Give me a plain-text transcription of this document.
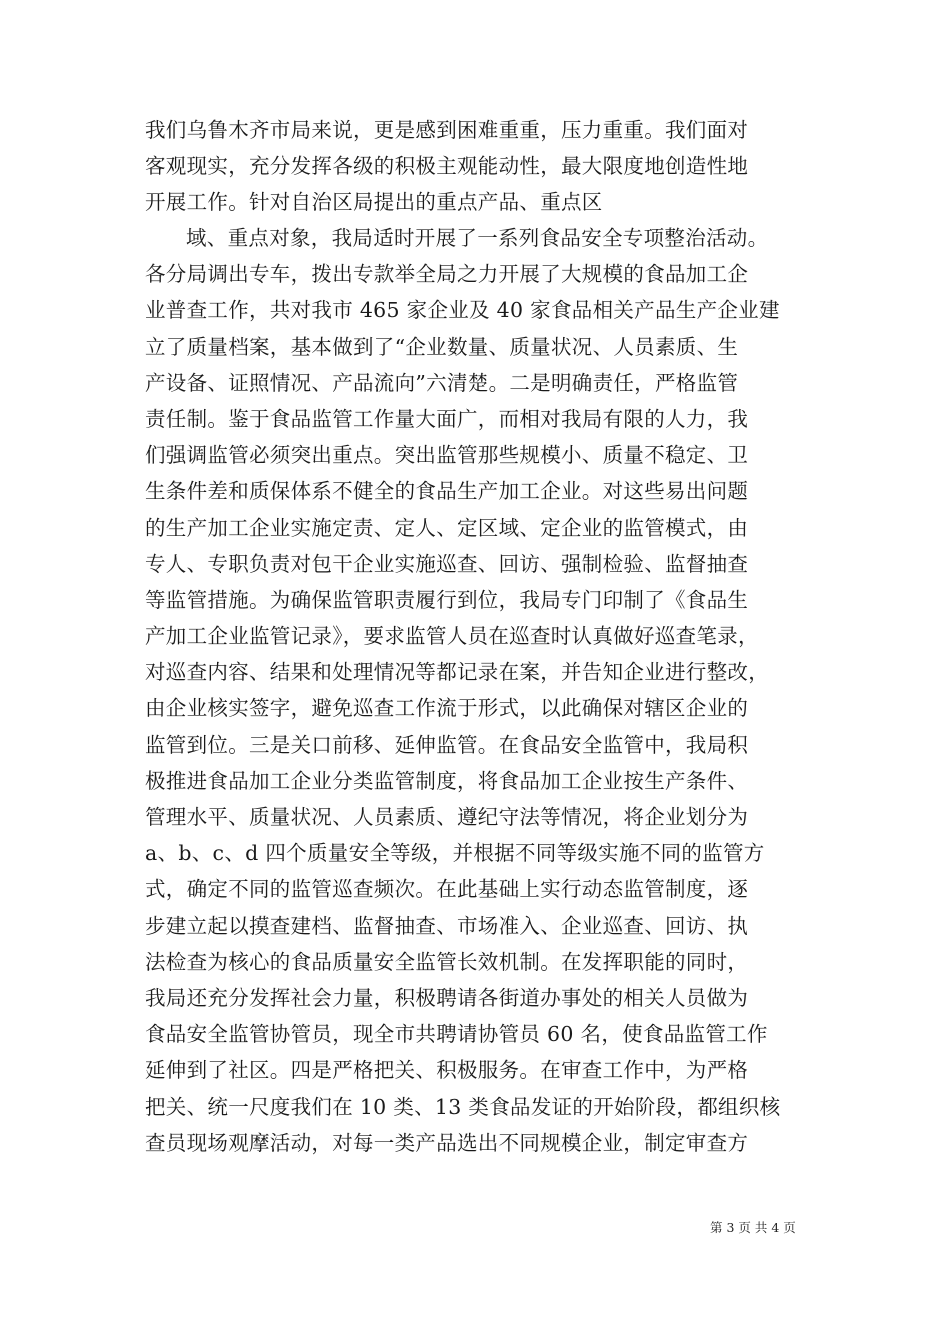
我们乌鲁木齐市局来说，更是感到困难重重，压力重重。我们面对
客观现实，充分发挥各级的积极主观能动性，最大限度地创造性地
开展工作。针对自治区局提出的重点产品、重点区
域、重点对象，我局适时开展了一系列食品安全专项整治活动。
各分局调出专车，拨出专款举全局之力开展了大规模的食品加工企
业普查工作，共对我市 465 家企业及 40 家食品相关产品生产企业建
立了质量档案，基本做到了“企业数量、质量状况、人员素质、生
产设备、证照情况、产品流向”六清楚。二是明确责任，严格监管
责任制。鉴于食品监管工作量大面广，而相对我局有限的人力，我
们强调监管必须突出重点。突出监管那些规模小、质量不稳定、卫
生条件差和质保体系不健全的食品生产加工企业。对这些易出问题
的生产加工企业实施定责、定人、定区域、定企业的监管模式，由
专人、专职负责对包干企业实施巡查、回访、强制检验、监督抽查
等监管措施。为确保监管职责履行到位，我局专门印制了《食品生
产加工企业监管记录》，要求监管人员在巡查时认真做好巡查笔录，
对巡查内容、结果和处理情况等都记录在案，并告知企业进行整改，
由企业核实签字，避免巡查工作流于形式，以此确保对辖区企业的
监管到位。三是关口前移、延伸监管。在食品安全监管中，我局积
极推进食品加工企业分类监管制度，将食品加工企业按生产条件、
管理水平、质量状况、人员素质、遵纪守法等情况，将企业划分为
a、b、c、d 四个质量安全等级，并根据不同等级实施不同的监管方
式，确定不同的监管巡查频次。在此基础上实行动态监管制度，逐
步建立起以摸查建档、监督抽查、市场准入、企业巡查、回访、执
法检查为核心的食品质量安全监管长效机制。在发挥职能的同时，
我局还充分发挥社会力量，积极聘请各街道办事处的相关人员做为
食品安全监管协管员，现全市共聘请协管员 60 名，使食品监管工作
延伸到了社区。四是严格把关、积极服务。在审查工作中，为严格
把关、统一尺度我们在 10 类、13 类食品发证的开始阶段，都组织核
查员现场观摩活动，对每一类产品选出不同规模企业，制定审查方
第 3 页 共 4 页
